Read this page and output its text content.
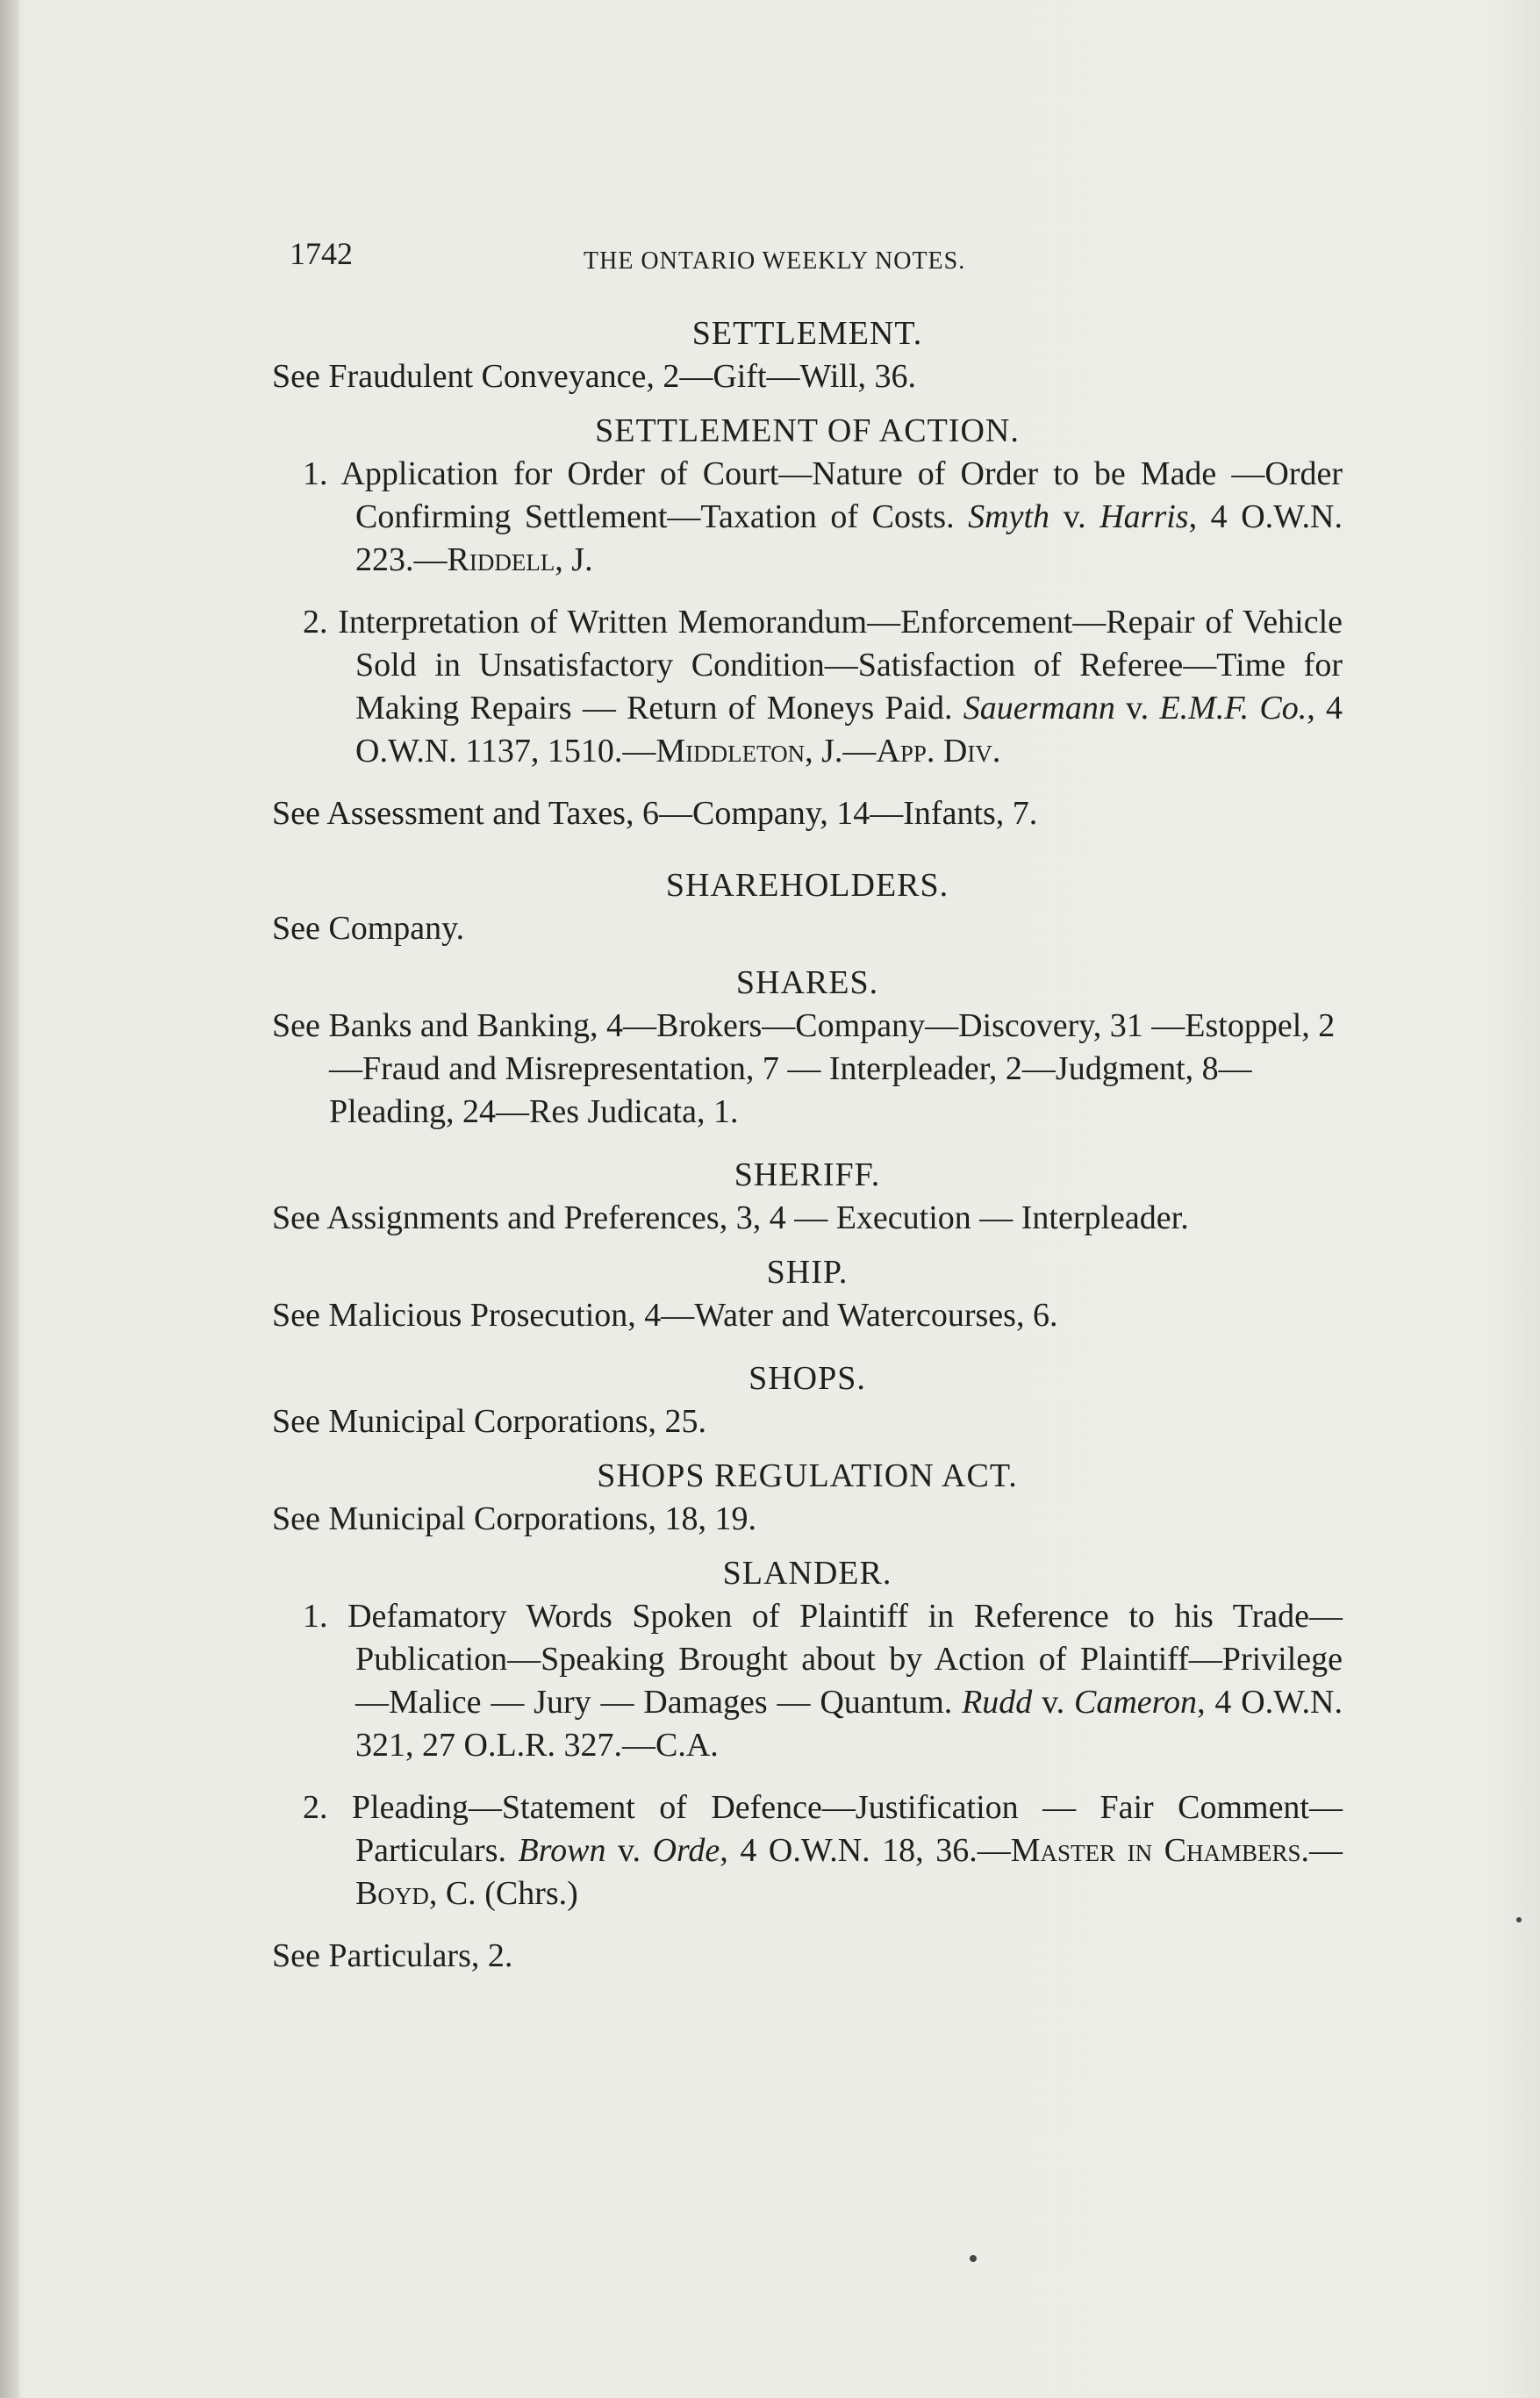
1742	THE ONTARIO WEEKLY NOTES.

SETTLEMENT.

See Fraudulent Conveyance, 2—Gift—Will, 36.

SETTLEMENT OF ACTION.

1. Application for Order of Court—Nature of Order to be Made —Order Confirming Settlement—Taxation of Costs. Smyth v. Harris, 4 O.W.N. 223.—Riddell, J.

2. Interpretation of Written Memorandum—Enforcement—Repair of Vehicle Sold in Unsatisfactory Condition—Satisfaction of Referee—Time for Making Repairs — Return of Moneys Paid. Sauermann v. E.M.F. Co., 4 O.W.N. 1137, 1510.—Middleton, J.—App. Div.

See Assessment and Taxes, 6—Company, 14—Infants, 7.

SHAREHOLDERS.

See Company.

SHARES.

See Banks and Banking, 4—Brokers—Company—Discovery, 31 —Estoppel, 2—Fraud and Misrepresentation, 7 — Interpleader, 2—Judgment, 8—Pleading, 24—Res Judicata, 1.

SHERIFF.

See Assignments and Preferences, 3, 4 — Execution — Interpleader.

SHIP.

See Malicious Prosecution, 4—Water and Watercourses, 6.

SHOPS.

See Municipal Corporations, 25.

SHOPS REGULATION ACT.

See Municipal Corporations, 18, 19.

SLANDER.

1. Defamatory Words Spoken of Plaintiff in Reference to his Trade—Publication—Speaking Brought about by Action of Plaintiff—Privilege—Malice — Jury — Damages — Quantum. Rudd v. Cameron, 4 O.W.N. 321, 27 O.L.R. 327.—C.A.

2. Pleading—Statement of Defence—Justification — Fair Comment—Particulars. Brown v. Orde, 4 O.W.N. 18, 36.—Master in Chambers.—Boyd, C. (Chrs.)

See Particulars, 2.
